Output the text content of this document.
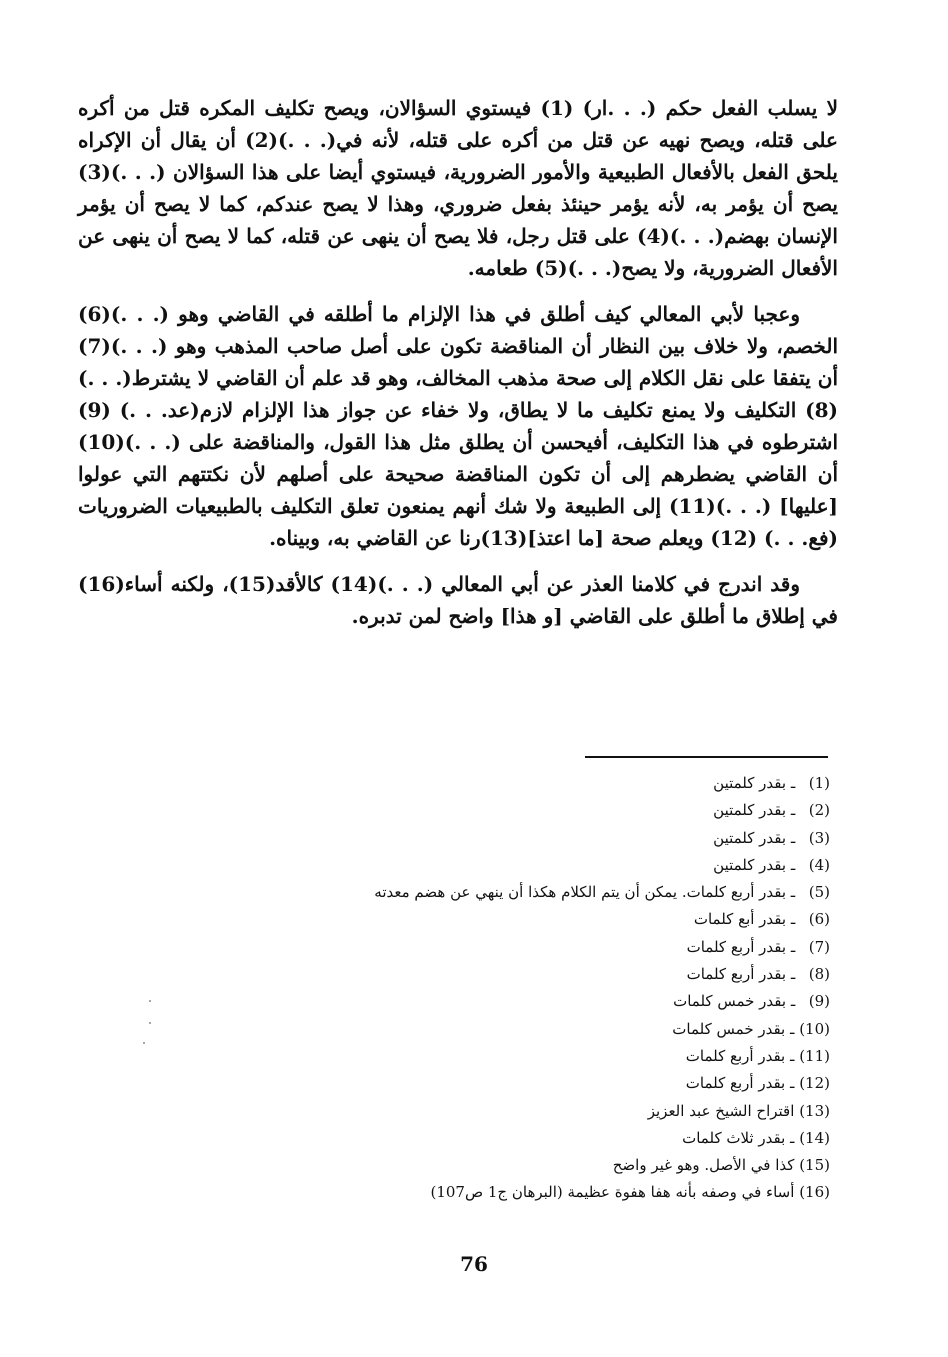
لا يسلب الفعل حكم (. . .ار) (1) فيستوي السؤالان، ويصح تكليف المكره قتل من أكره على قتله، ويصح نهيه عن قتل من أكره على قتله، لأنه في(. . .)(2) أن يقال أن الإكراه يلحق الفعل بالأفعال الطبيعية والأمور الضرورية، فيستوي أيضا على هذا السؤالان (. . .)(3) يصح أن يؤمر به، لأنه يؤمر حينئذ بفعل ضروري، وهذا لا يصح عندكم، كما لا يصح أن يؤمر الإنسان بهضم(. . .)(4) على قتل رجل، فلا يصح أن ينهى عن قتله، كما لا يصح أن ينهى عن الأفعال الضرورية، ولا يصح(. . .)(5) طعامه.

وعجبا لأبي المعالي كيف أطلق في هذا الإلزام ما أطلقه في القاضي وهو (. . .)(6) الخصم، ولا خلاف بين النظار أن المناقضة تكون على أصل صاحب المذهب وهو (. . .)(7) أن يتفقا على نقل الكلام إلى صحة مذهب المخالف، وهو قد علم أن القاضي لا يشترط(. . .)(8) التكليف ولا يمنع تكليف ما لا يطاق، ولا خفاء عن جواز هذا الإلزام لازم(عد. . .) (9) اشترطوه في هذا التكليف، أفيحسن أن يطلق مثل هذا القول، والمناقضة على (. . .)(10) أن القاضي يضطرهم إلى أن تكون المناقضة صحيحة على أصلهم لأن نكتتهم التي عولوا [عليها] (. . .)(11) إلى الطبيعة ولا شك أنهم يمنعون تعلق التكليف بالطبيعيات الضروريات (فع. . .) (12) ويعلم صحة [ما اعتذ](13)رنا عن القاضي به، وبيناه.

وقد اندرج في كلامنا العذر عن أبي المعالي (. . .)(14) كالأقد(15)، ولكنه أساء(16) في إطلاق ما أطلق على القاضي [و هذا] واضح لمن تدبره.

(1) ـ بقدر كلمتين
(2) ـ بقدر كلمتين
(3) ـ بقدر كلمتين
(4) ـ بقدر كلمتين
(5) ـ بقدر أربع كلمات. يمكن أن يتم الكلام هكذا أن ينهي عن هضم معدته
(6) ـ بقدر أبع كلمات
(7) ـ بقدر أربع كلمات
(8) ـ بقدر أربع كلمات
(9) ـ بقدر خمس كلمات
(10) ـ بقدر خمس كلمات
(11) ـ بقدر أربع كلمات
(12) ـ بقدر أربع كلمات
(13) اقتراح الشيخ عبد العزيز
(14) ـ بقدر ثلاث كلمات
(15) كذا في الأصل. وهو غير واضح
(16) أساء في وصفه بأنه هفا هفوة عظيمة (البرهان ج1 ص107)
76
